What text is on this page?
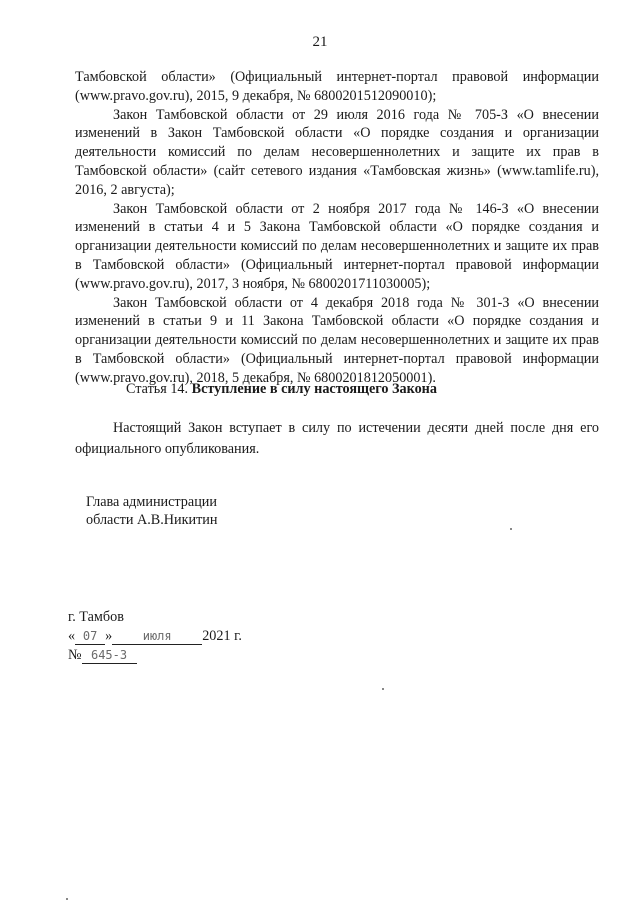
21

Тамбовской области» (Официальный интернет-портал правовой информации (www.pravo.gov.ru), 2015, 9 декабря, № 6800201512090010);

Закон Тамбовской области от 29 июля 2016 года № 705-З «О внесении изменений в Закон Тамбовской области «О порядке создания и организации деятельности комиссий по делам несовершеннолетних и защите их прав в Тамбовской области» (сайт сетевого издания «Тамбовская жизнь» (www.tamlife.ru), 2016, 2 августа);

Закон Тамбовской области от 2 ноября 2017 года № 146-З «О внесении изменений в статьи 4 и 5 Закона Тамбовской области «О порядке создания и организации деятельности комиссий по делам несовершеннолетних и защите их прав в Тамбовской области» (Официальный интернет-портал правовой информации (www.pravo.gov.ru), 2017, 3 ноября, № 6800201711030005);

Закон Тамбовской области от 4 декабря 2018 года № 301-З «О внесении изменений в статьи 9 и 11 Закона Тамбовской области «О порядке создания и организации деятельности комиссий по делам несовершеннолетних и защите их прав в Тамбовской области» (Официальный интернет-портал правовой информации (www.pravo.gov.ru), 2018, 5 декабря, № 6800201812050001).

Статья 14. Вступление в силу настоящего Закона
Настоящий Закон вступает в силу по истечении десяти дней после дня его официального опубликования.
Глава администрации
области А.В.Никитин
г. Тамбов
« 07 »	июля 2021 г.
№ 645-З
